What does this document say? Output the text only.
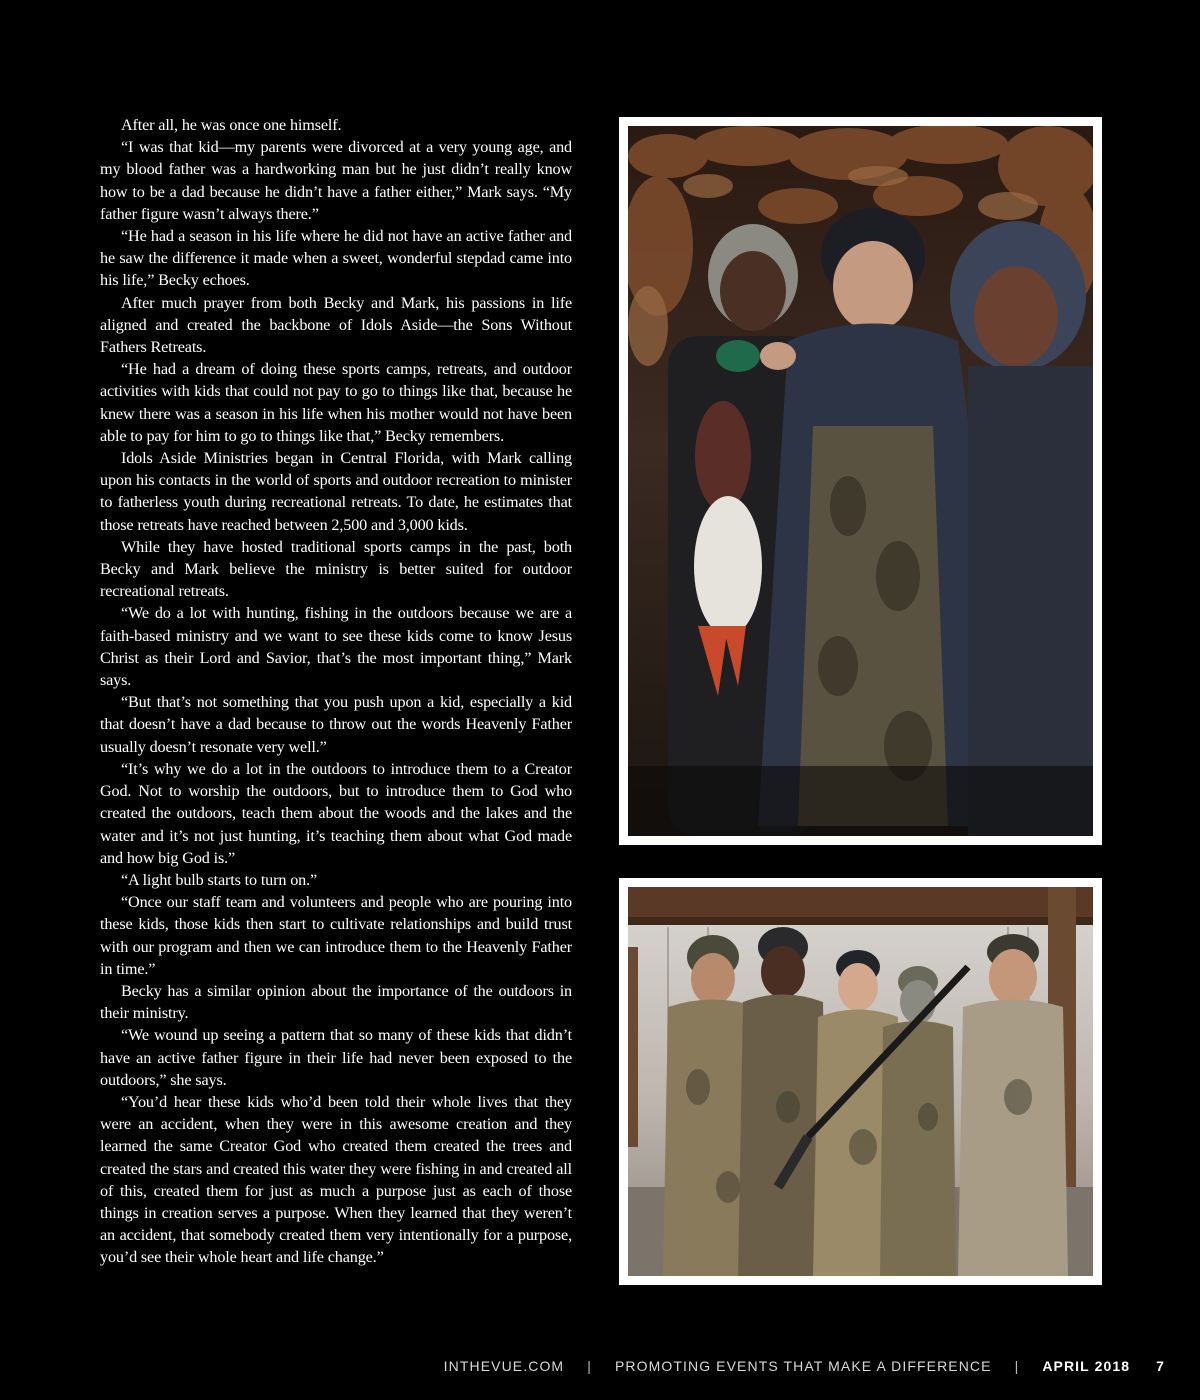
After all, he was once one himself.

“I was that kid—my parents were divorced at a very young age, and my blood father was a hardworking man but he just didn’t really know how to be a dad because he didn’t have a father either,” Mark says. “My father figure wasn’t always there.”

“He had a season in his life where he did not have an active father and he saw the difference it made when a sweet, wonderful stepdad came into his life,” Becky echoes.

After much prayer from both Becky and Mark, his passions in life aligned and created the backbone of Idols Aside—the Sons Without Fathers Retreats.

“He had a dream of doing these sports camps, retreats, and outdoor activities with kids that could not pay to go to things like that, because he knew there was a season in his life when his mother would not have been able to pay for him to go to things like that,” Becky remembers.

Idols Aside Ministries began in Central Florida, with Mark calling upon his contacts in the world of sports and outdoor recreation to minister to fatherless youth during recreational retreats. To date, he estimates that those retreats have reached between 2,500 and 3,000 kids.

While they have hosted traditional sports camps in the past, both Becky and Mark believe the ministry is better suited for outdoor recreational retreats.

“We do a lot with hunting, fishing in the outdoors because we are a faith-based ministry and we want to see these kids come to know Jesus Christ as their Lord and Savior, that’s the most important thing,” Mark says.

“But that’s not something that you push upon a kid, especially a kid that doesn’t have a dad because to throw out the words Heavenly Father usually doesn’t resonate very well.”

“It’s why we do a lot in the outdoors to introduce them to a Creator God. Not to worship the outdoors, but to introduce them to God who created the outdoors, teach them about the woods and the lakes and the water and it’s not just hunting, it’s teaching them about what God made and how big God is.”

“A light bulb starts to turn on.”

“Once our staff team and volunteers and people who are pouring into these kids, those kids then start to cultivate relationships and build trust with our program and then we can introduce them to the Heavenly Father in time.”

Becky has a similar opinion about the importance of the outdoors in their ministry.

“We wound up seeing a pattern that so many of these kids that didn’t have an active father figure in their life had never been exposed to the outdoors,” she says.

“You’d hear these kids who’d been told their whole lives that they were an accident, when they were in this awesome creation and they learned the same Creator God who created them created the trees and created the stars and created this water they were fishing in and created all of this, created them for just as much a purpose just as each of those things in creation serves a purpose. When they learned that they weren’t an accident, that somebody created them very intentionally for a purpose, you’d see their whole heart and life change.”

INTHEVUE.COM | PROMOTING EVENTS THAT MAKE A DIFFERENCE | APRIL 2018 7
